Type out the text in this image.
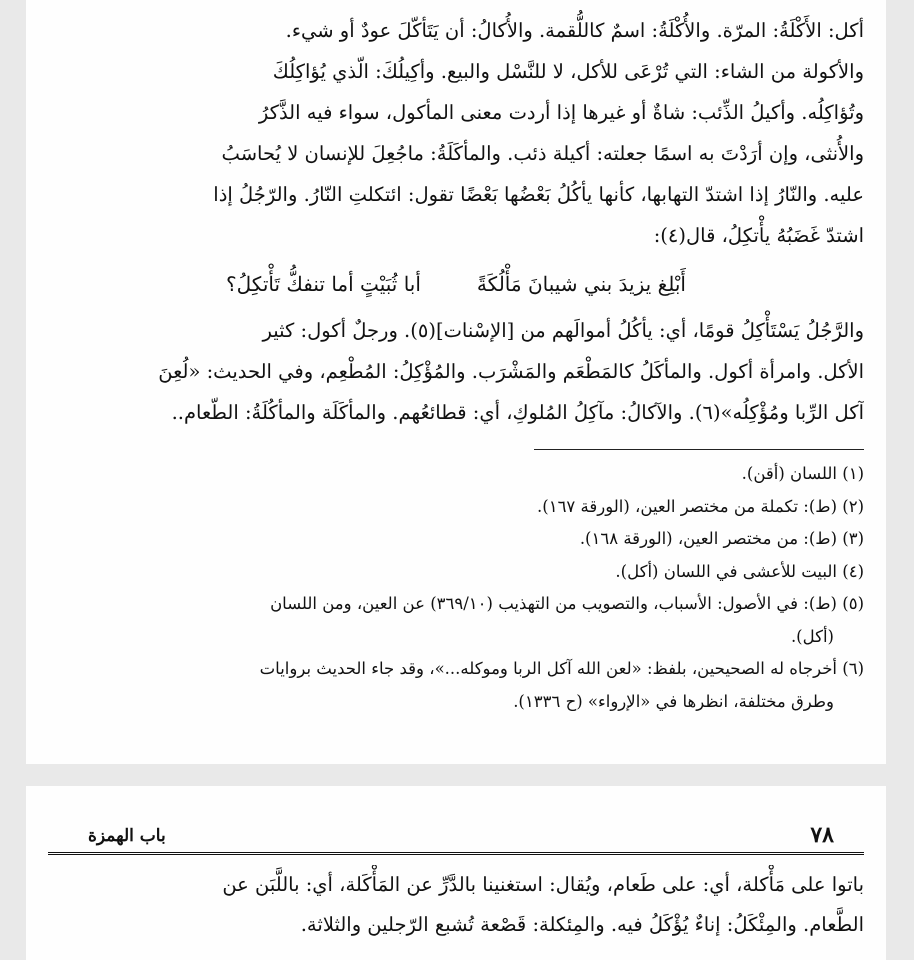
أكل: الأَكْلَةُ: المرّة. والأُكْلَةُ: اسمٌ كاللُّقمة. والأُكالُ: أن يَتَأكّلَ عودٌ أو شيء.

والأكولة من الشاء: التي تُرْعَى للأكل، لا للنَّسْل والبيع. وأكِيلُكَ: الّذي يُؤاكِلُكَ

وتُؤاكِلُه. وأكيلُ الذِّئب: شاةٌ أو غيرها إذا أردت معنى المأكول، سواء فيه الذَّكرُ

والأُنثى، وإن أرَدْتَ به اسمًا جعلته: أكيلة ذئب. والمأكَلَةُ: ماجُعِلَ للإنسان لا يُحاسَبُ

عليه. والنّارُ إذا اشتدّ التهابها، كأنها يأكُلُ بَعْضُها بَعْضًا تقول: ائتكلتِ النّارُ. والرّجُلُ إذا

اشتدّ غَضَبُهُ يأْتكِلُ، قال(٤):

أَبْلِغ يزيدَ بني شيبانَ مَأْلُكَةً
أبا ثُبَيْتٍ أما تنفكُّ تَأْتكِلُ؟

والرَّجُلُ يَسْتَأْكِلُ قومًا، أي: يأكُلُ أموالَهم من [الإسْنات](٥). ورجلٌ أكول: كثير

الأكل. وامرأة أكول. والمأكَلُ كالمَطْعَم والمَشْرَب. والمُؤْكِلُ: المُطْعِم، وفي الحديث: «لُعِنَ

آكل الرِّبا ومُؤْكِلُه»(٦). والآكالُ: مآكِلُ المُلوكِ، أي: قطائعُهم. والمأكَلَة والمأكُلَةُ: الطّعام..

(١) اللسان (أقن).

(٢) (ط): تكملة من مختصر العين، (الورقة ١٦٧).

(٣) (ط): من مختصر العين، (الورقة ١٦٨).

(٤) البيت للأعشى في اللسان (أكل).

(٥) (ط): في الأصول: الأسباب، والتصويب من التهذيب (٣٦٩/١٠) عن العين، ومن اللسان

(أكل).

(٦) أخرجاه له الصحيحين، بلفظ: «لعن الله آكل الربا وموكله...»، وقد جاء الحديث بروايات

وطرق مختلفة، انظرها في «الإرواء» (ح ١٣٣٦).

٧٨
باب الهمزة

باتوا على مَأْكلة، أي: على طَعام، ويُقال: استغنينا بالدَّرِّ عن المَأْكَلة، أي: باللَّبَن عن

الطَّعام. والمِئْكَلُ: إناءٌ يُؤْكَلُ فيه. والمِئكلة: قَصْعة تُشبع الرّجلين والثلاثة.
